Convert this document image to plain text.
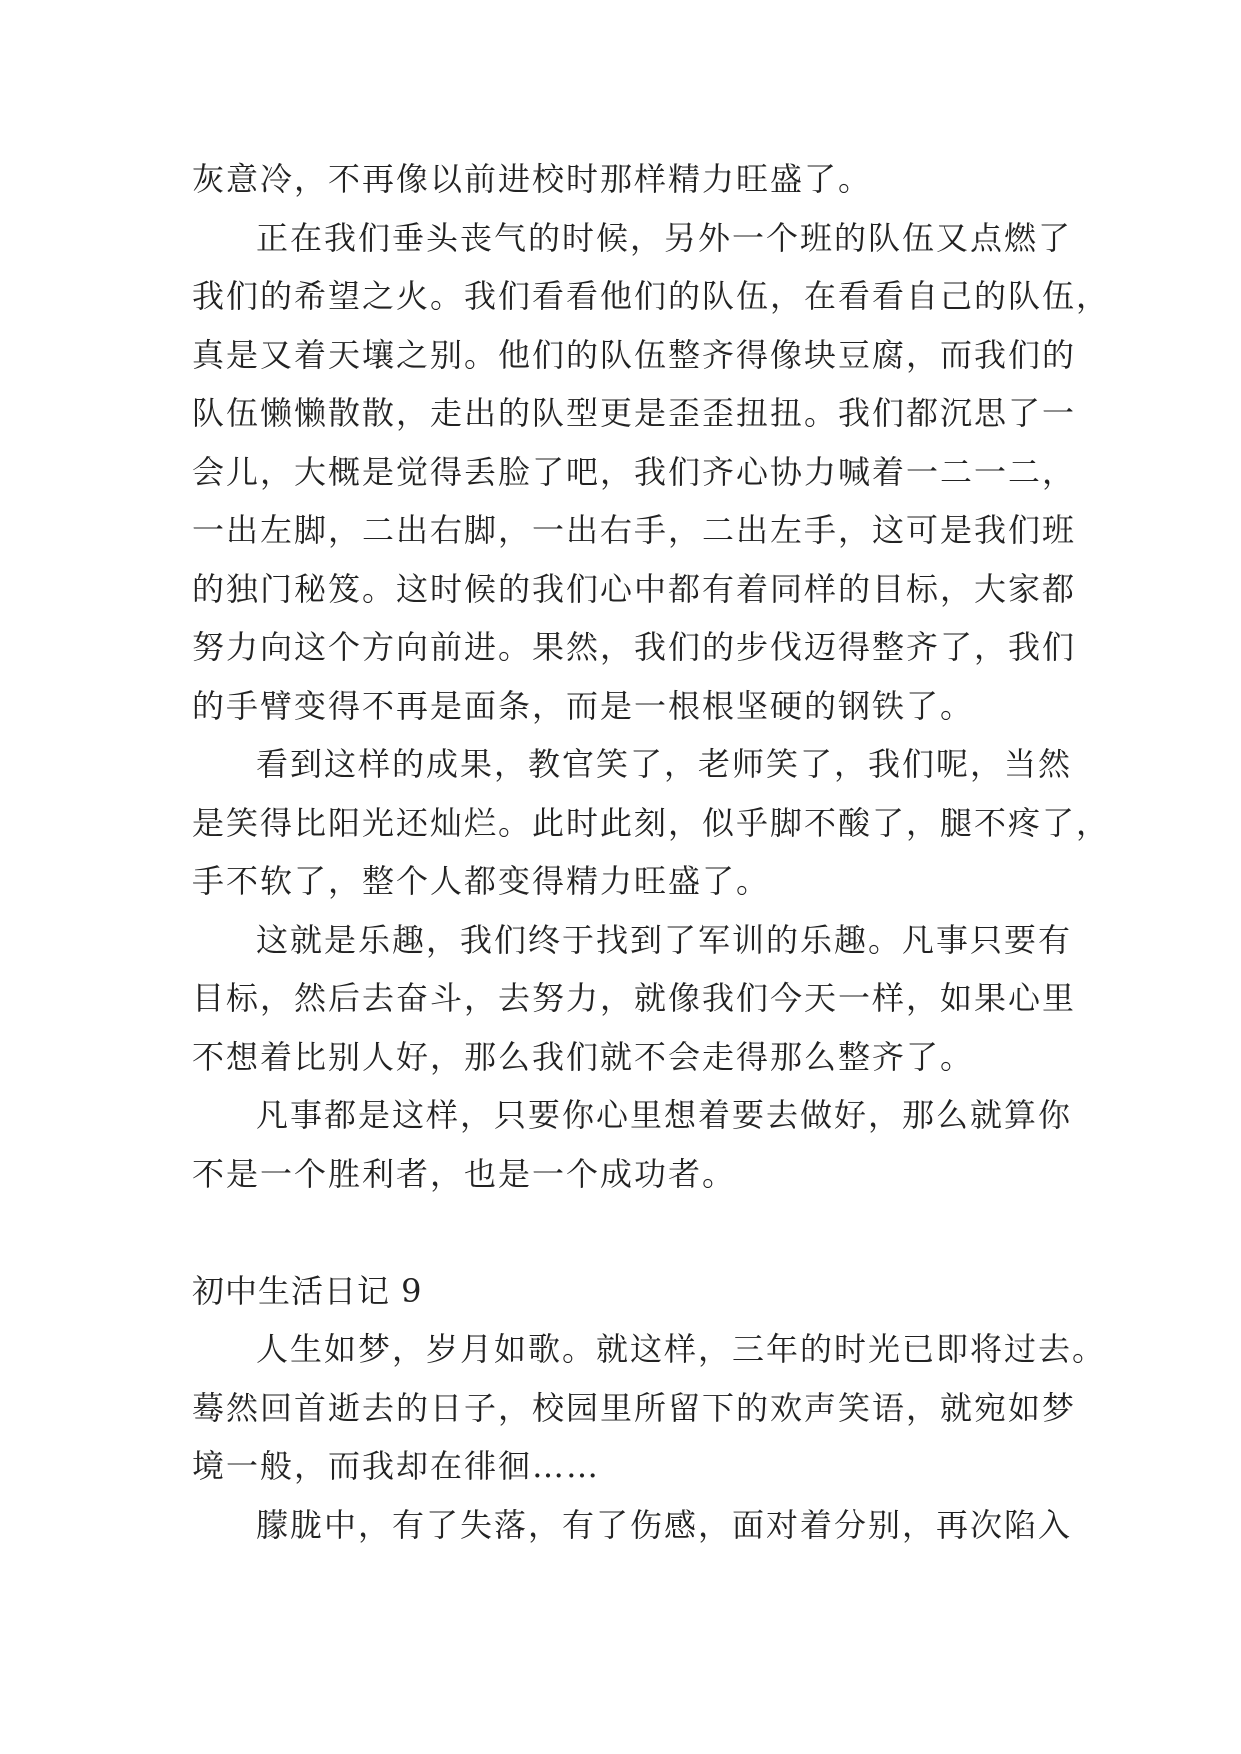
灰意冷，不再像以前进校时那样精力旺盛了。
正在我们垂头丧气的时候，另外一个班的队伍又点燃了
我们的希望之火。我们看看他们的队伍，在看看自己的队伍，
真是又着天壤之别。他们的队伍整齐得像块豆腐，而我们的
队伍懒懒散散，走出的队型更是歪歪扭扭。我们都沉思了一
会儿，大概是觉得丢脸了吧，我们齐心协力喊着一二一二，
一出左脚，二出右脚，一出右手，二出左手，这可是我们班
的独门秘笈。这时候的我们心中都有着同样的目标，大家都
努力向这个方向前进。果然，我们的步伐迈得整齐了，我们
的手臂变得不再是面条，而是一根根坚硬的钢铁了。
看到这样的成果，教官笑了，老师笑了，我们呢，当然
是笑得比阳光还灿烂。此时此刻，似乎脚不酸了，腿不疼了，
手不软了，整个人都变得精力旺盛了。
这就是乐趣，我们终于找到了军训的乐趣。凡事只要有
目标，然后去奋斗，去努力，就像我们今天一样，如果心里
不想着比别人好，那么我们就不会走得那么整齐了。
凡事都是这样，只要你心里想着要去做好，那么就算你
不是一个胜利者，也是一个成功者。
初中生活日记 9
人生如梦，岁月如歌。就这样，三年的时光已即将过去。
蓦然回首逝去的日子，校园里所留下的欢声笑语，就宛如梦
境一般，而我却在徘徊……
朦胧中，有了失落，有了伤感，面对着分别，再次陷入
